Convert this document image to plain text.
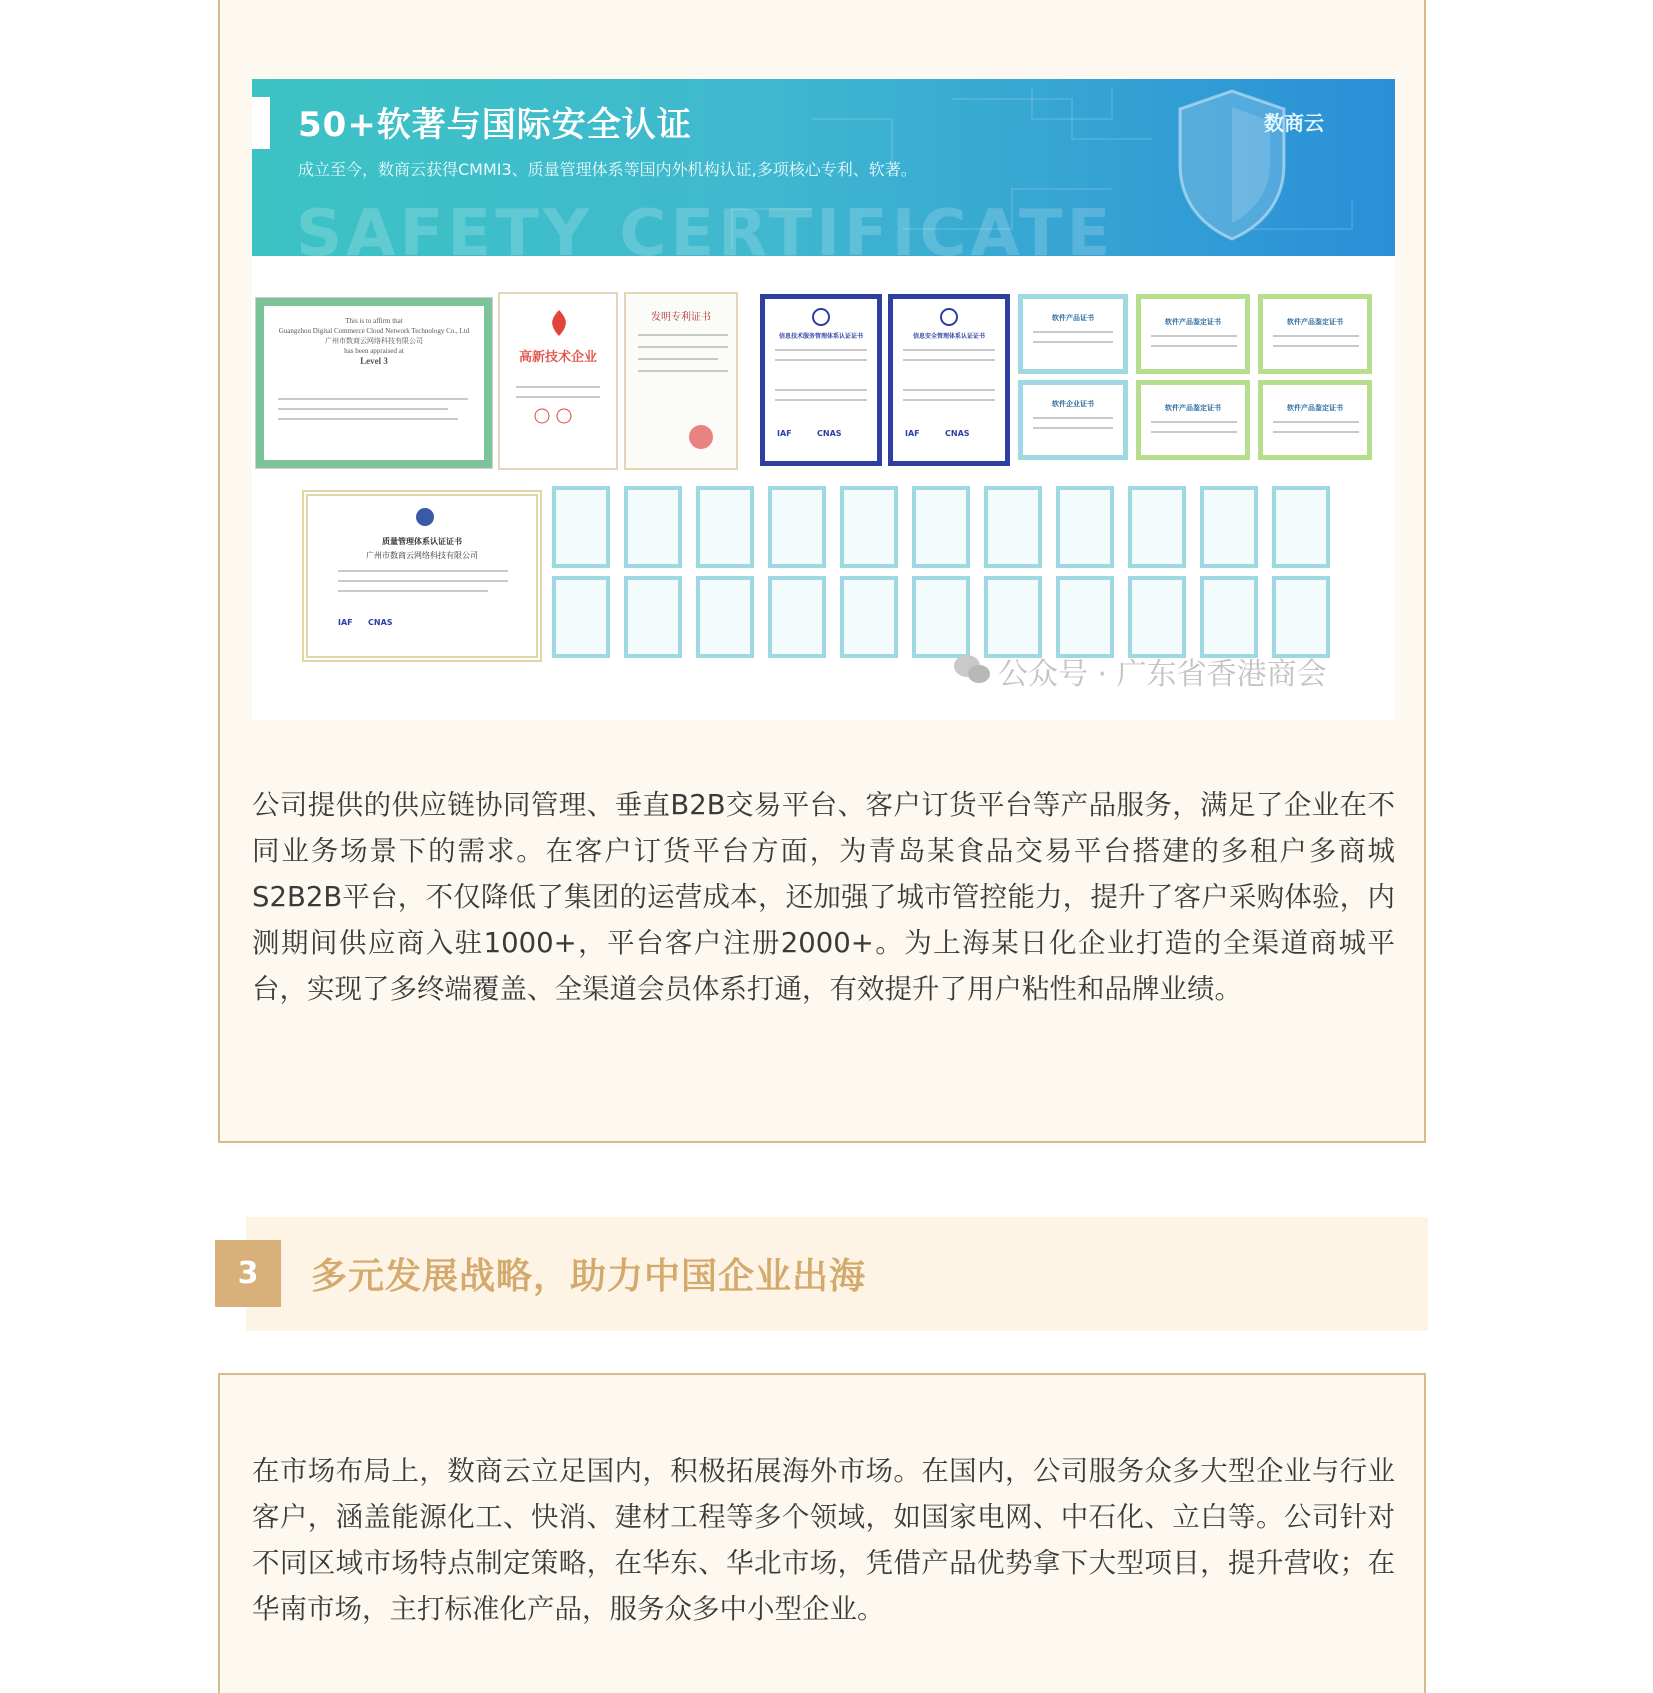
50+软著与国际安全认证
成立至今，数商云获得CMMI3、质量管理体系等国内外机构认证,多项核心专利、软著。
SAFETY CERTIFICATE
数商云
This is to affirm that
Guangzhou Digital Commerce Cloud Network Technology Co., Ltd
广州市数商云网络科技有限公司
has been appraised at
Level 3	高新技术企业
发明专利证书
信息技术服务管理体系认证证书
IAF	CNAS
信息安全管理体系认证证书
IAF	CNAS
软件产品证书
软件企业证书
软件产品鉴定证书	软件产品鉴定证书
软件产品鉴定证书	软件产品鉴定证书
质量管理体系认证证书
广州市数商云网络科技有限公司
IAF CNAS
公众号 · 广东省香港商会

公司提供的供应链协同管理、垂直B2B交易平台、客户订货平台等产品服务，满足了企业在不同业务场景下的需求。在客户订货平台方面，为青岛某食品交易平台搭建的多租户多商城S2B2B平台，不仅降低了集团的运营成本，还加强了城市管控能力，提升了客户采购体验，内测期间供应商入驻1000+，平台客户注册2000+。为上海某日化企业打造的全渠道商城平台，实现了多终端覆盖、全渠道会员体系打通，有效提升了用户粘性和品牌业绩。

3	多元发展战略，助力中国企业出海

在市场布局上，数商云立足国内，积极拓展海外市场。在国内，公司服务众多大型企业与行业客户，涵盖能源化工、快消、建材工程等多个领域，如国家电网、中石化、立白等。公司针对不同区域市场特点制定策略，在华东、华北市场，凭借产品优势拿下大型项目，提升营收；在华南市场，主打标准化产品，服务众多中小型企业。
